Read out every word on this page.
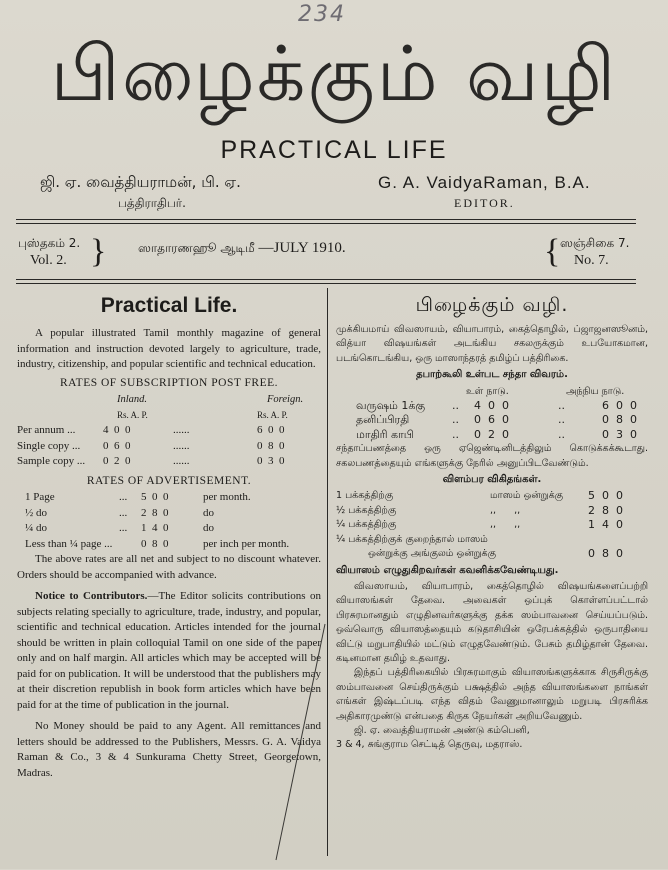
234
பிழைக்கும் வழி
PRACTICAL LIFE
ஜி. ஏ. வைத்தியராமன், பி. ஏ.
பத்திராதிபர்.
G. A. VaidyaRaman, B.A.
EDITOR.
புஸ்தகம் 2.
Vol. 2. }	ஸாதாரணஹூ ஆடிமீ —JULY 1910.	{ ஸஞ்சிகை 7.
No. 7.
Practical Life.

A popular illustrated Tamil monthly magazine of general information and instruction devoted largely to agriculture, trade, industry, citizenship, and popular scientific and technical education.

RATES OF SUBSCRIPTION POST FREE.
Inland.	Foreign.
Rs. A. P.	Rs. A. P.
Per annum ...	4  0  0	......	6  0  0
Single copy ...	0  6  0	......	0  8  0
Sample copy ...	0  2  0	......	0  3  0
RATES OF ADVERTISEMENT.
1 Page	...	5  0  0	per month.
½ do	...	2  8  0	do
¼ do	...	1  4  0	do
Less than ¼ page ...	0  8  0	per inch per month.

The above rates are all net and subject to no discount whatever. Orders should be accompanied with advance.

Notice to Contributors.—The Editor solicits contributions on subjects relating specially to agriculture, trade, industry, and popular, scientific and technical education. Articles intended for the journal should be written in plain colloquial Tamil on one side of the paper only and on half margin. All articles which may be accepted will be paid for on publication. It will be understood that the publishers may at their discretion republish in book form articles which have been paid for at the time of publication in the journal.

No Money should be paid to any Agent. All remittances and letters should be addressed to the Publishers, Messrs. G. A. Vaidya Raman & Co., 3 & 4 Sunkurama Chetty Street, Georgetown, Madras.

பிழைக்கும் வழி.

முக்கியமாய் விவஸாயம், வியாபாரம், கைத்தொழில், ப்ஜாஜனஸூனம், வித்யா விஷயங்கள் அடங்கிய சகலருக்கும் உபயோகமான, படங்கொடங்கிய, ஒரு மாஸாந்தரத் தமிழ்ப் பத்திரிகை.

தபாற்கூலி உள்பட சந்தா விவரம்.
உள் நாடு.	அந்நிய நாடு.
வருஷம் 1க்கு	..	4  0  0	..	6  0  0
தனிப்பிரதி	..	0  6  0	..	0  8  0
மாதிரி காபி	..	0  2  0	..	0  3  0

சந்தாப்பணத்தை ஒரு ஏஜெண்டினிடத்திலும் கொடுக்கக்கூடாது. சகலபணத்தையும் எங்களுக்கு நேரில் அனுப்பிடவேண்டும்.

விளம்பர விகிதங்கள்.
1 பக்கத்திற்கு	மாஸம் ஒன்றுக்கு	5  0  0
½ பக்கத்திற்கு	,,      ,,	2  8  0
¼ பக்கத்திற்கு	,,      ,,	1  4  0
¼ பக்கத்திற்குக் குறைந்தால் மாஸம்
ஒன்றுக்கு அங்குலம் ஒன்றுக்கு	0  8  0
வியாஸம் எழுதுகிறவர்கள் கவனிக்கவேண்டியது.

விவஸாயம், வியாபாரம், கைத்தொழில் விஷயங்களைப்பற்றி வியாஸங்கள் தேவை. அவைகள் ஒப்புக் கொள்ளப்பட்டால் பிரசுரமானதும் எழுதினவர்களுக்கு தக்க ஸம்பாவனை செய்யப்படும். ஒவ்வொரு வியாஸத்தையும் கடுதாசியின் ஒரேபக்கத்தில் ஒருபாதியை விட்டு மறுபாதியில் மட்டும் எழுதவேண்டும். பேசும் தமிழ்தான் தேவை. கடினமான தமிழ் உதவாது.

இந்தப் பத்திரிகையில் பிரசுரமாகும் வியாஸங்களுக்காக சிருசிருக்கு ஸம்பாவனை செய்திருக்கும் பக்ஷத்தில் அந்த வியாஸங்களை நாங்கள் எங்கள் இஷ்டப்படி எந்த விதம் வேணுமானாலும் மறுபடி பிரசுரிக்க அதிகாரமுண்டு என்பதை கிருக நேயர்கள் அறியவேணும்.

ஜி. ஏ. வைத்தியராமன் அண்டு கம்பெனி,
3 & 4, சுங்குராம செட்டித் தெருவு, மதராஸ்.
